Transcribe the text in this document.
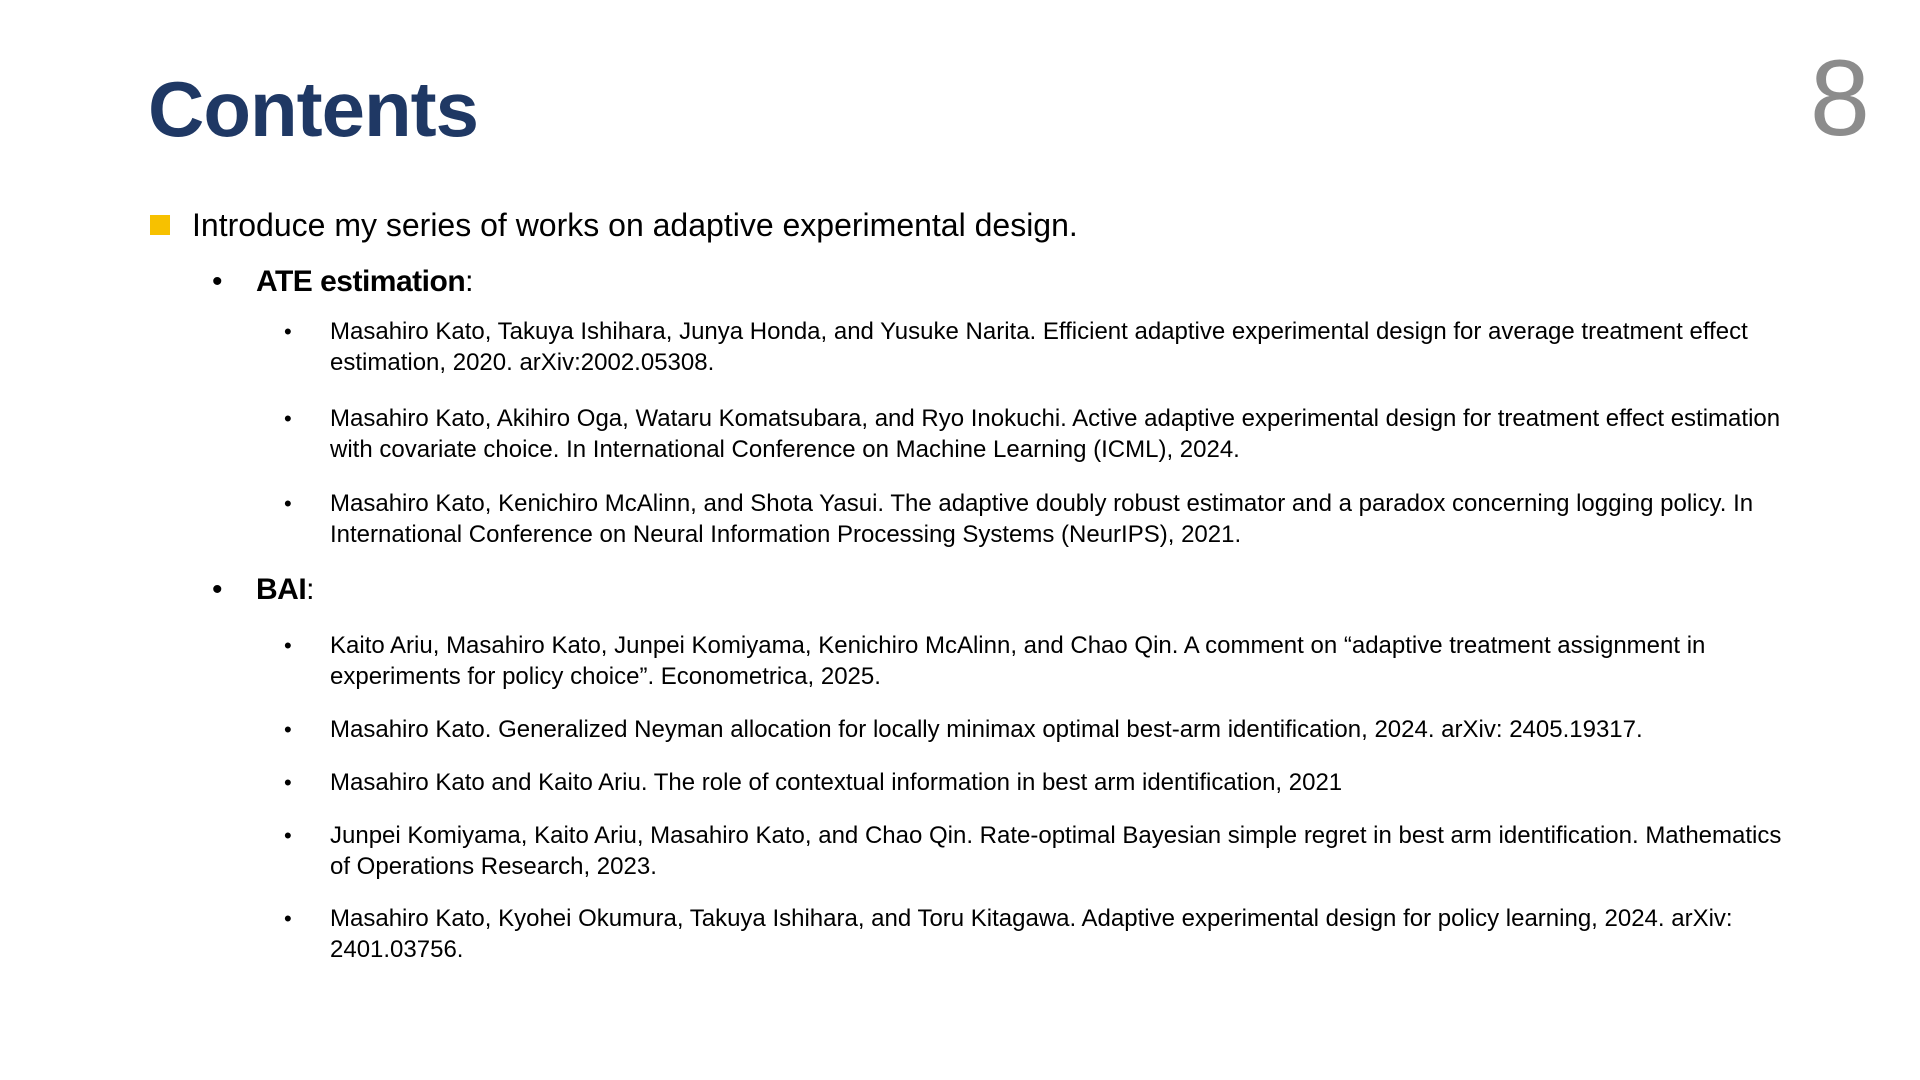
Contents	8
Introduce my series of works on adaptive experimental design.
• ATE estimation:
• Masahiro Kato, Takuya Ishihara, Junya Honda, and Yusuke Narita. Efficient adaptive experimental design for average treatment effect estimation, 2020. arXiv:2002.05308.
• Masahiro Kato, Akihiro Oga, Wataru Komatsubara, and Ryo Inokuchi. Active adaptive experimental design for treatment effect estimation with covariate choice. In International Conference on Machine Learning (ICML), 2024.
• Masahiro Kato, Kenichiro McAlinn, and Shota Yasui. The adaptive doubly robust estimator and a paradox concerning logging policy. In International Conference on Neural Information Processing Systems (NeurIPS), 2021.
• BAI:
• Kaito Ariu, Masahiro Kato, Junpei Komiyama, Kenichiro McAlinn, and Chao Qin. A comment on “adaptive treatment assignment in experiments for policy choice”. Econometrica, 2025.
• Masahiro Kato. Generalized Neyman allocation for locally minimax optimal best-arm identification, 2024. arXiv: 2405.19317.
• Masahiro Kato and Kaito Ariu. The role of contextual information in best arm identification, 2021
• Junpei Komiyama, Kaito Ariu, Masahiro Kato, and Chao Qin. Rate-optimal Bayesian simple regret in best arm identification. Mathematics of Operations Research, 2023.
• Masahiro Kato, Kyohei Okumura, Takuya Ishihara, and Toru Kitagawa. Adaptive experimental design for policy learning, 2024. arXiv: 2401.03756.
